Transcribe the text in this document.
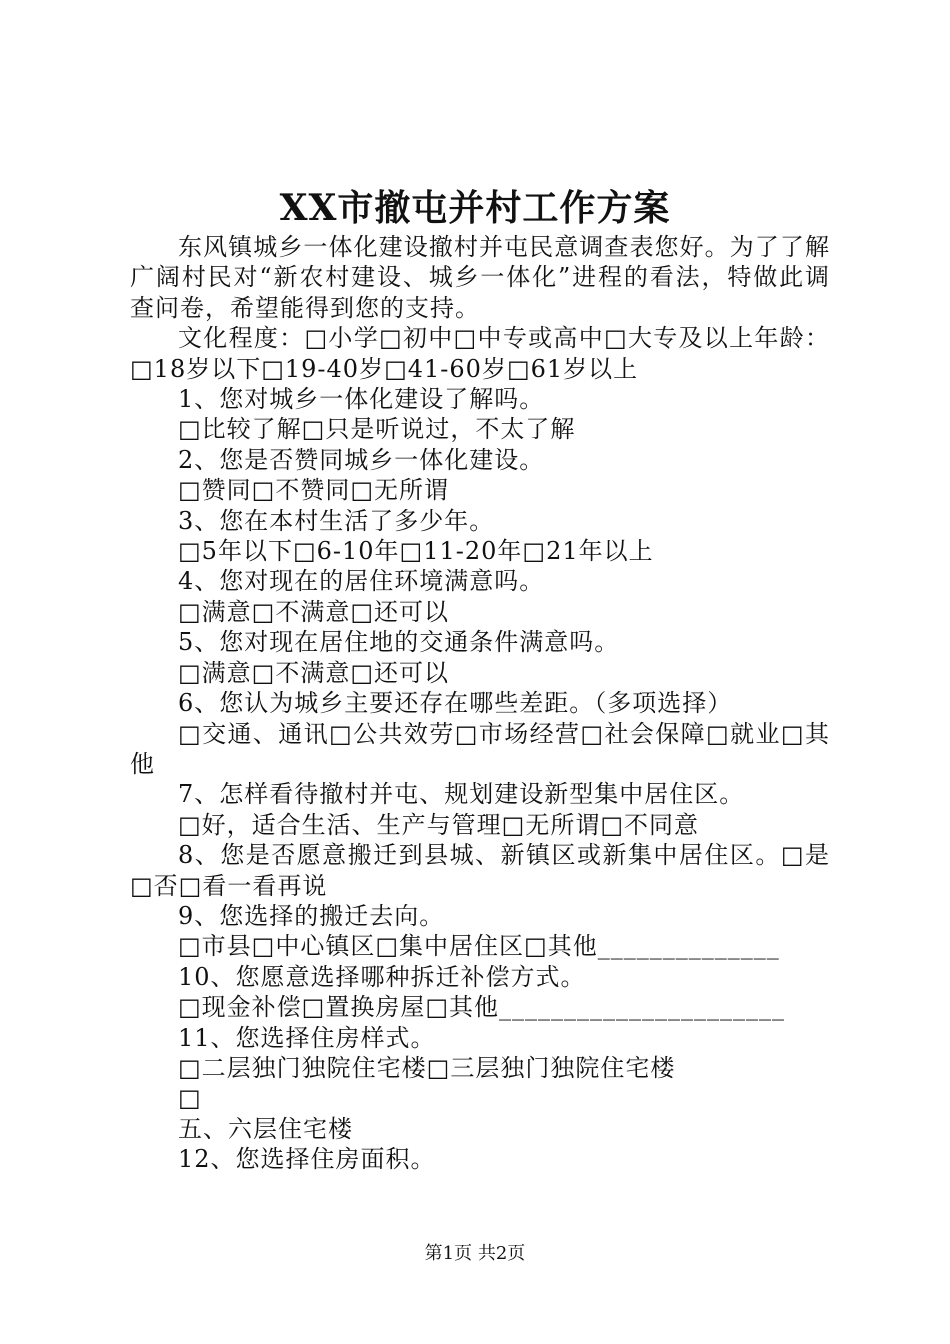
XX市撤屯并村工作方案

东风镇城乡一体化建设撤村并屯民意调查表您好。为了了解广阔村民对“新农村建设、城乡一体化”进程的看法，特做此调查问卷，希望能得到您的支持。

文化程度：□小学□初中□中专或高中□大专及以上年龄：□18岁以下□19-40岁□41-60岁□61岁以上

1、您对城乡一体化建设了解吗。

□比较了解□只是听说过，不太了解

2、您是否赞同城乡一体化建设。

□赞同□不赞同□无所谓

3、您在本村生活了多少年。

□5年以下□6-10年□11-20年□21年以上

4、您对现在的居住环境满意吗。

□满意□不满意□还可以

5、您对现在居住地的交通条件满意吗。

□满意□不满意□还可以

6、您认为城乡主要还存在哪些差距。（多项选择）

□交通、通讯□公共效劳□市场经营□社会保障□就业□其他

7、怎样看待撤村并屯、规划建设新型集中居住区。

□好，适合生活、生产与管理□无所谓□不同意

8、您是否愿意搬迁到县城、新镇区或新集中居住区。□是□否□看一看再说

9、您选择的搬迁去向。

□市县□中心镇区□集中居住区□其他______________

10、您愿意选择哪种拆迁补偿方式。

□现金补偿□置换房屋□其他______________________

11、您选择住房样式。

□二层独门独院住宅楼□三层独门独院住宅楼

□

五、六层住宅楼

12、您选择住房面积。

第1页 共2页
